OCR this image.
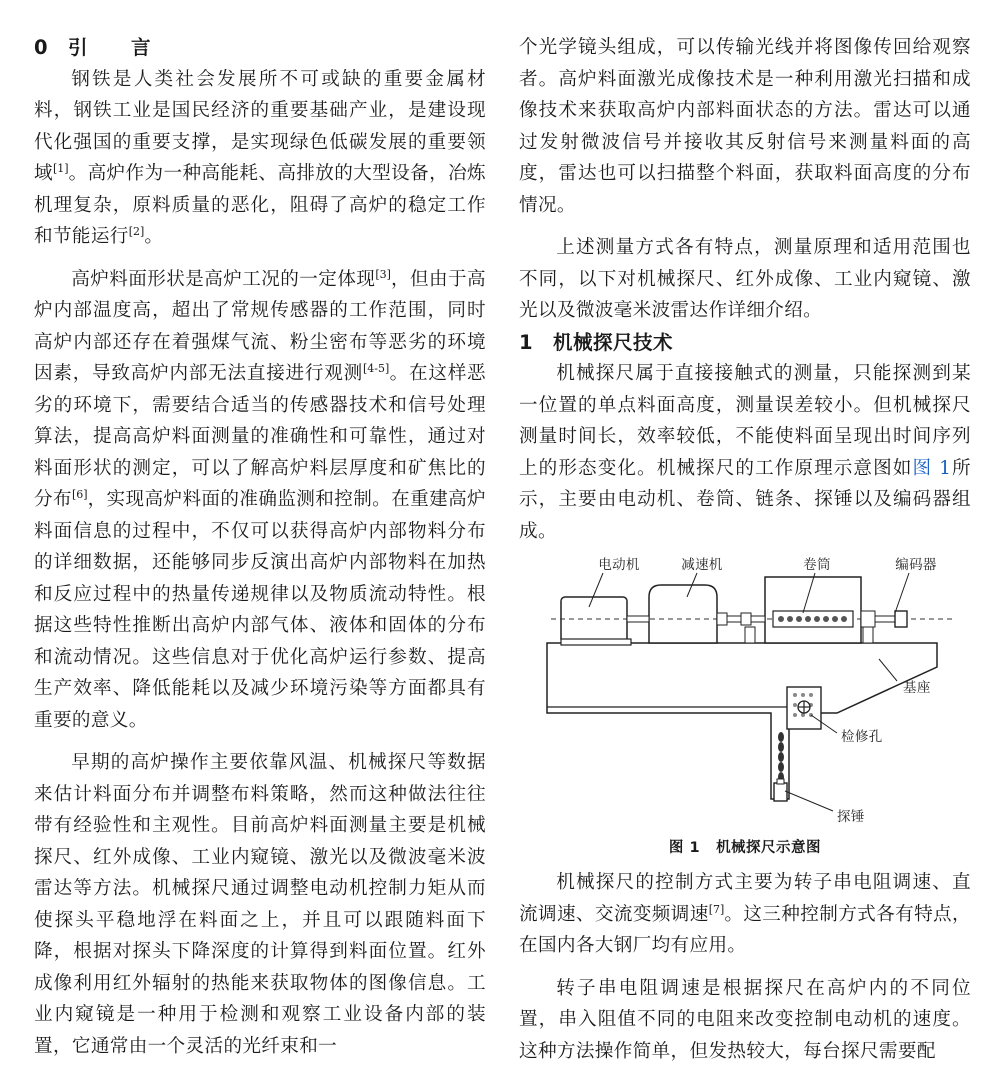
0 引　言

钢铁是人类社会发展所不可或缺的重要金属材料，钢铁工业是国民经济的重要基础产业，是建设现代化强国的重要支撑，是实现绿色低碳发展的重要领域[1]。高炉作为一种高能耗、高排放的大型设备，冶炼机理复杂，原料质量的恶化，阻碍了高炉的稳定工作和节能运行[2]。

高炉料面形状是高炉工况的一定体现[3]，但由于高炉内部温度高，超出了常规传感器的工作范围，同时高炉内部还存在着强煤气流、粉尘密布等恶劣的环境因素，导致高炉内部无法直接进行观测[4-5]。在这样恶劣的环境下，需要结合适当的传感器技术和信号处理算法，提高高炉料面测量的准确性和可靠性，通过对料面形状的测定，可以了解高炉料层厚度和矿焦比的分布[6]，实现高炉料面的准确监测和控制。在重建高炉料面信息的过程中，不仅可以获得高炉内部物料分布的详细数据，还能够同步反演出高炉内部物料在加热和反应过程中的热量传递规律以及物质流动特性。根据这些特性推断出高炉内部气体、液体和固体的分布和流动情况。这些信息对于优化高炉运行参数、提高生产效率、降低能耗以及减少环境污染等方面都具有重要的意义。

早期的高炉操作主要依靠风温、机械探尺等数据来估计料面分布并调整布料策略，然而这种做法往往带有经验性和主观性。目前高炉料面测量主要是机械探尺、红外成像、工业内窥镜、激光以及微波毫米波雷达等方法。机械探尺通过调整电动机控制力矩从而使探头平稳地浮在料面之上，并且可以跟随料面下降，根据对探头下降深度的计算得到料面位置。红外成像利用红外辐射的热能来获取物体的图像信息。工业内窥镜是一种用于检测和观察工业设备内部的装置，它通常由一个灵活的光纤束和一

个光学镜头组成，可以传输光线并将图像传回给观察者。高炉料面激光成像技术是一种利用激光扫描和成像技术来获取高炉内部料面状态的方法。雷达可以通过发射微波信号并接收其反射信号来测量料面的高度，雷达也可以扫描整个料面，获取料面高度的分布情况。

上述测量方式各有特点，测量原理和适用范围也不同，以下对机械探尺、红外成像、工业内窥镜、激光以及微波毫米波雷达作详细介绍。

1 机械探尺技术

机械探尺属于直接接触式的测量，只能探测到某一位置的单点料面高度，测量误差较小。但机械探尺测量时间长，效率较低，不能使料面呈现出时间序列上的形态变化。机械探尺的工作原理示意图如图 1所示，主要由电动机、卷筒、链条、探锤以及编码器组成。

电动机	减速机	卷筒	编码器
基座
检修孔
探锤

图 1 机械探尺示意图

机械探尺的控制方式主要为转子串电阻调速、直流调速、交流变频调速[7]。这三种控制方式各有特点，在国内各大钢厂均有应用。

转子串电阻调速是根据探尺在高炉内的不同位置，串入阻值不同的电阻来改变控制电动机的速度。这种方法操作简单，但发热较大，每台探尺需要配
